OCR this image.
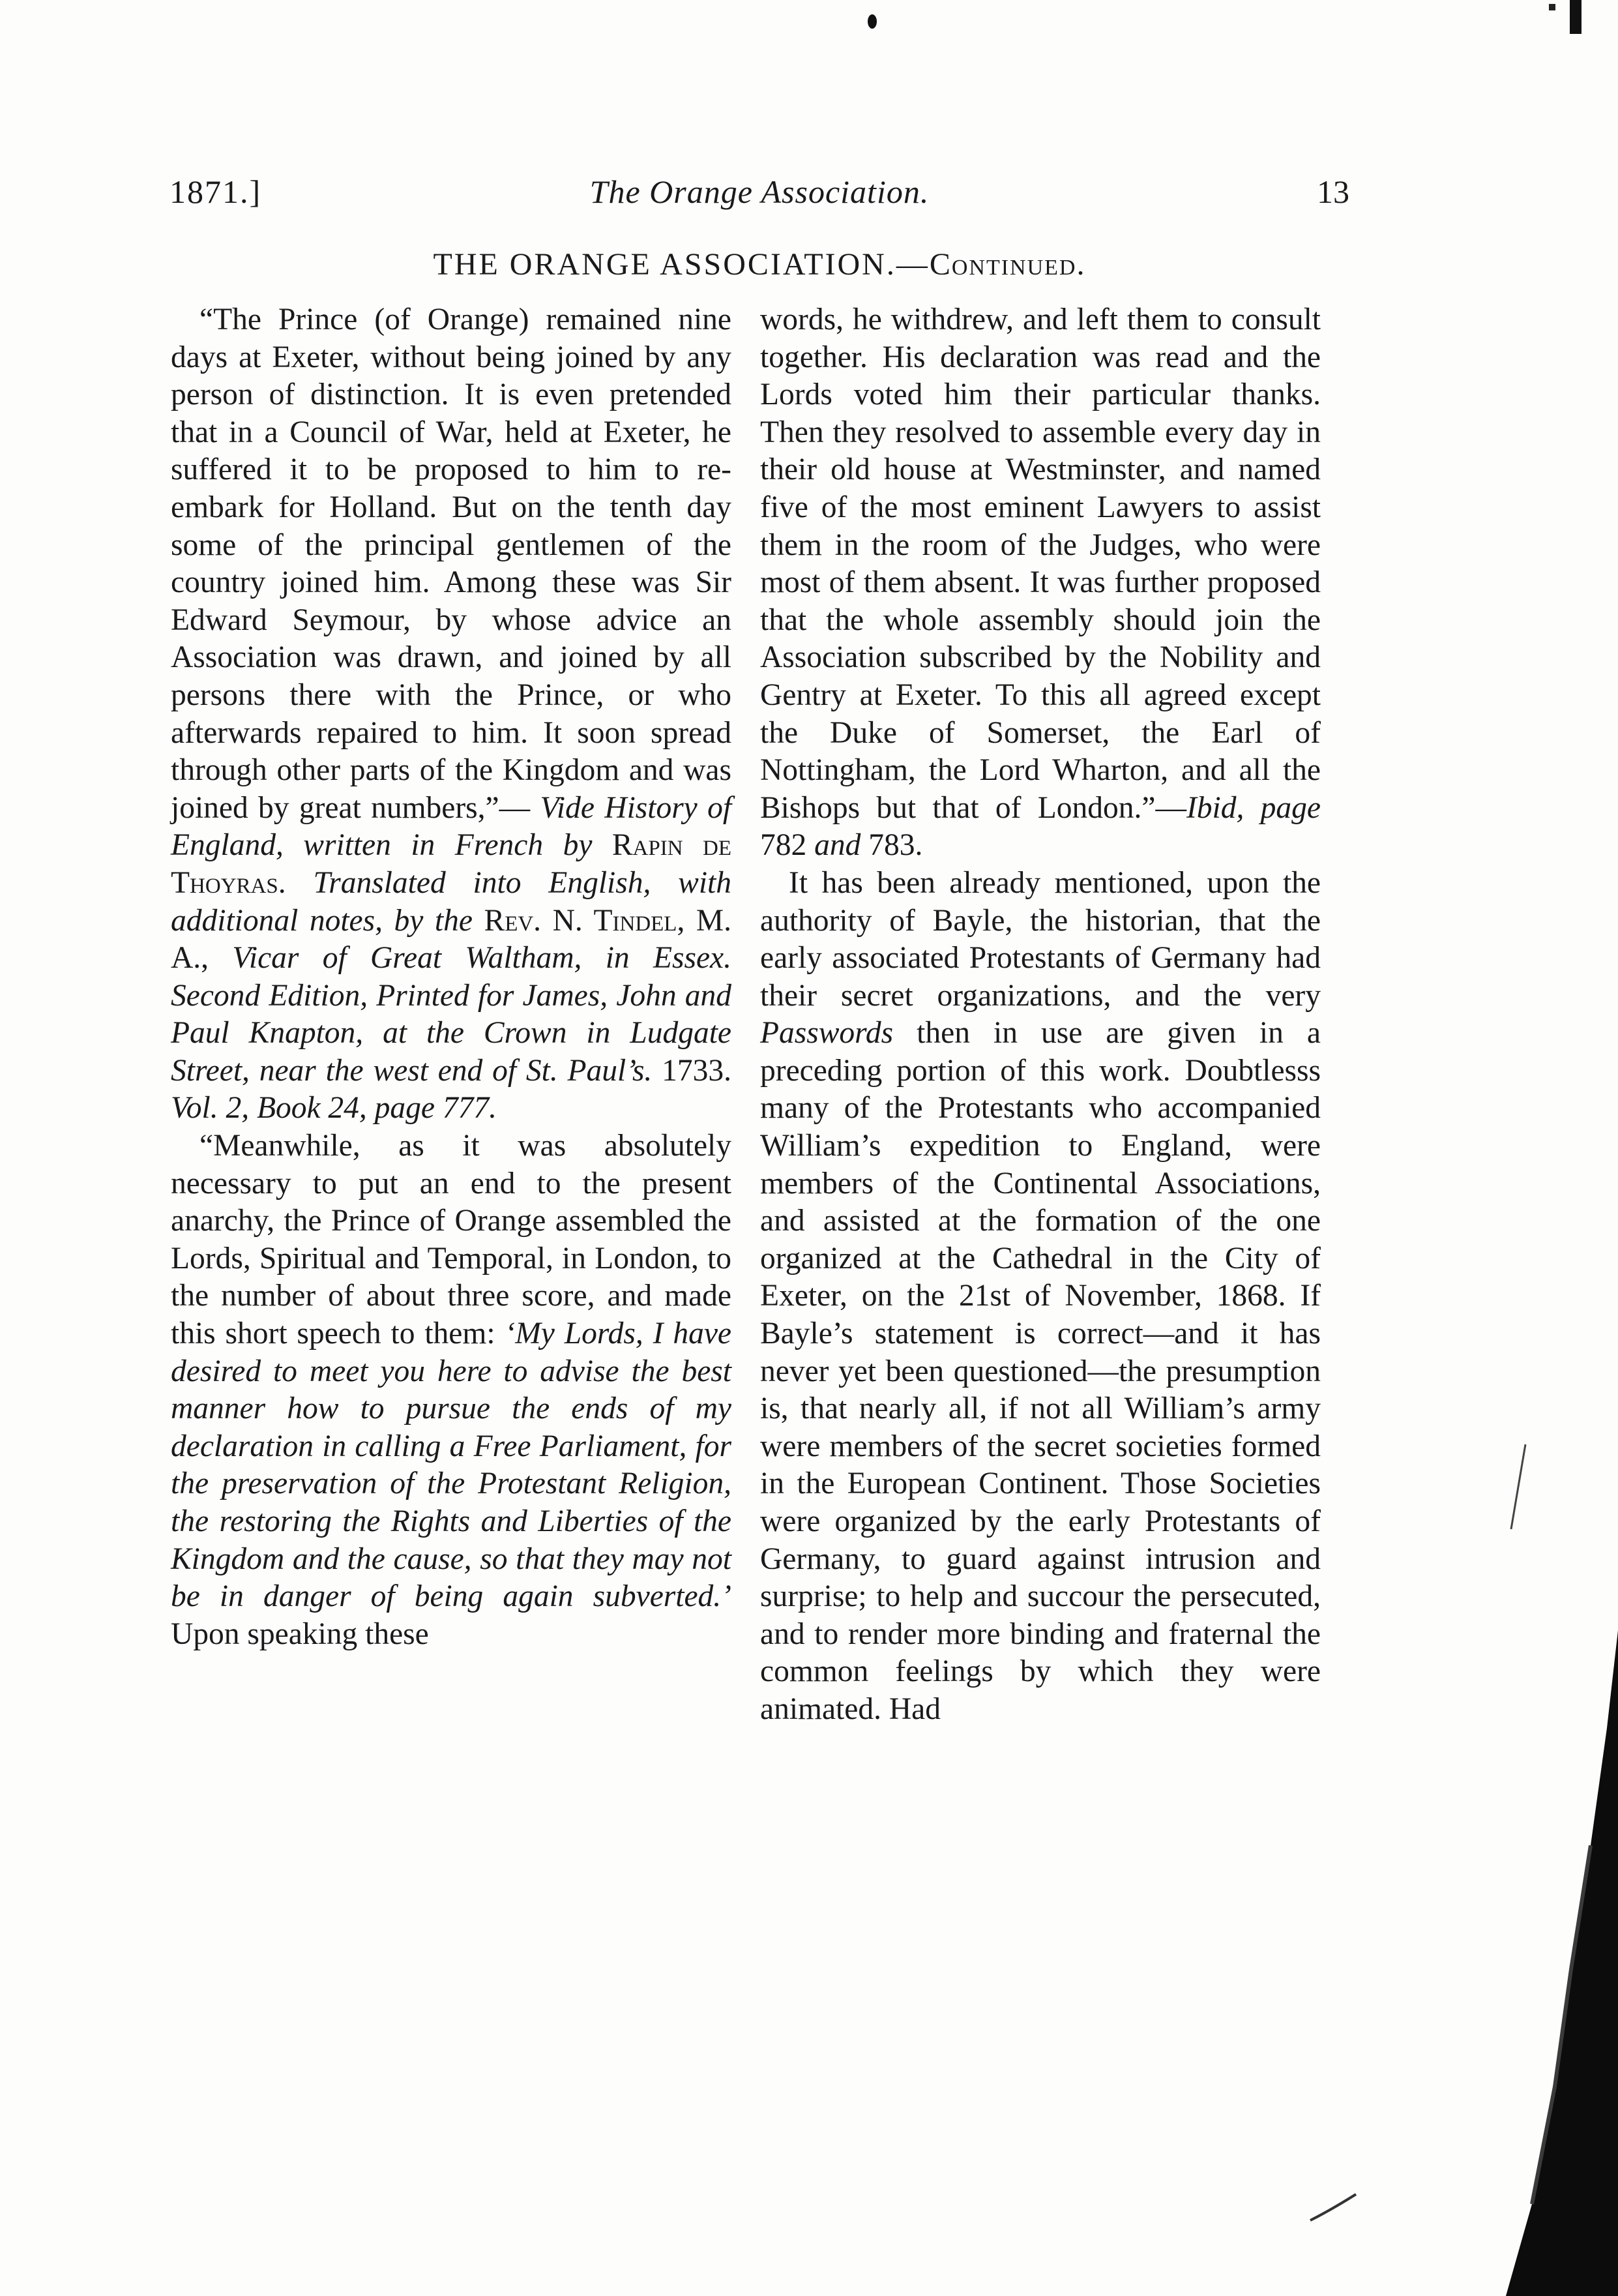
1871.]	The Orange Association.	13
THE ORANGE ASSOCIATION.—Continued.

“The Prince (of Orange) remained nine days at Exeter, without being joined by any person of distinction. It is even pretended that in a Council of War, held at Exeter, he suffered it to be proposed to him to re-embark for Holland. But on the tenth day some of the principal gentlemen of the country joined him. Among these was Sir Edward Seymour, by whose advice an Association was drawn, and joined by all persons there with the Prince, or who afterwards repaired to him. It soon spread through other parts of the Kingdom and was joined by great numbers,”— Vide History of England, written in French by Rapin de Thoyras. Translated into English, with additional notes, by the Rev. N. Tindel, M. A., Vicar of Great Waltham, in Essex. Second Edition, Printed for James, John and Paul Knapton, at the Crown in Ludgate Street, near the west end of St. Paul’s. 1733. Vol. 2, Book 24, page 777.

“Meanwhile, as it was absolutely necessary to put an end to the present anarchy, the Prince of Orange assembled the Lords, Spiritual and Temporal, in London, to the number of about three score, and made this short speech to them: ‘My Lords, I have desired to meet you here to advise the best manner how to pursue the ends of my declaration in calling a Free Parliament, for the preservation of the Protestant Religion, the restoring the Rights and Liberties of the Kingdom and the cause, so that they may not be in danger of being again subverted.’ Upon speaking these

words, he withdrew, and left them to consult together. His declaration was read and the Lords voted him their particular thanks. Then they resolved to assemble every day in their old house at Westminster, and named five of the most eminent Lawyers to assist them in the room of the Judges, who were most of them absent. It was further proposed that the whole assembly should join the Association subscribed by the Nobility and Gentry at Exeter. To this all agreed except the Duke of Somerset, the Earl of Nottingham, the Lord Wharton, and all the Bishops but that of London.”—Ibid, page 782 and 783.

It has been already mentioned, upon the authority of Bayle, the historian, that the early associated Protestants of Germany had their secret organizations, and the very Passwords then in use are given in a preceding portion of this work. Doubtlesss many of the Protestants who accompanied William’s expedition to England, were members of the Continental Associations, and assisted at the formation of the one organized at the Cathedral in the City of Exeter, on the 21st of November, 1868. If Bayle’s statement is correct—and it has never yet been questioned—the presumption is, that nearly all, if not all William’s army were members of the secret societies formed in the European Continent. Those Societies were organized by the early Protestants of Germany, to guard against intrusion and surprise; to help and succour the persecuted, and to render more binding and fraternal the common feelings by which they were animated. Had
